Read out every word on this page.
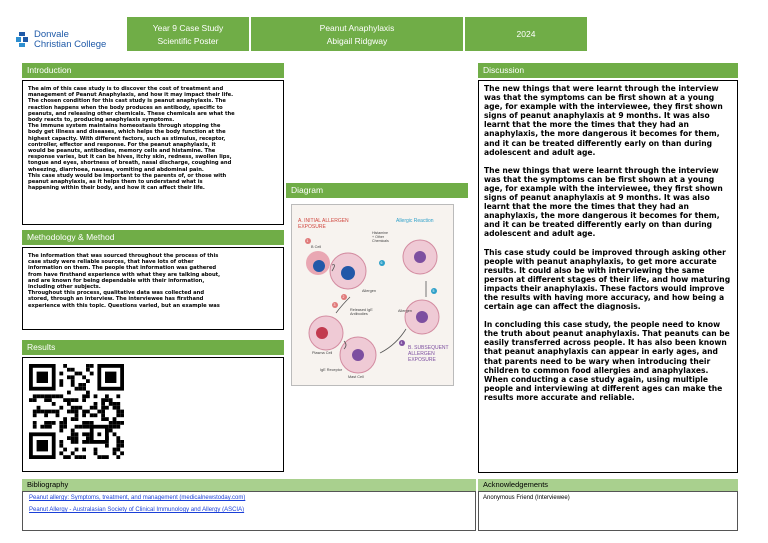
Donvale
Christian College
Year 9 Case Study
Scientific Poster
Peanut Anaphylaxis
Abigail Ridgway
2024
Introduction

The aim of this case study is to discover the cost of treatment and

management of Peanut Anaphylaxis, and how it may impact their life.

The chosen condition for this cast study is peanut anaphylaxis. The

reaction happens when the body produces an antibody, specific to

peanuts, and releasing other chemicals. These chemicals are what the

body reacts to, producing anaphylaxis symptoms.

The immune system maintains homeostasis through stopping the

body get illness and diseases, which helps the body function at the

highest capacity. With different factors, such as stimulus, receptor,

controller, effector and response. For the peanut anaphylaxis, it

would be peanuts, antibodies, memory cells and histamine. The

response varies, but it can be hives, itchy skin, redness, swollen lips,

tongue and eyes, shortness of breath, nasal discharge, coughing and

wheezing, diarrhoea, nausea, vomiting and abdominal pain.

This case study would be important to the parents of, or those with

peanut anaphylaxis, as it helps them to understand what is

happening within their body, and how it can affect their life.

Methodology & Method

The information that was sourced throughout the process of this

case study were reliable sources, that have lots of other

information on them. The people that information was gathered

from have firsthand experience with what they are talking about,

and are known for being dependable with their information,

including other subjects.

Throughout this process, qualitative data was collected and

stored, through an interview. The interviewee has firsthand

experience with this topic. Questions varied, but an example was

Results
Diagram
A. INITIAL ALLERGEN
EXPOSURE
Allergic Reaction
Histamine
+ Other
Chemicals
B Cell
Allergen
Released IgE
Antibodies
Allergen
Plasma Cell
IgE Receptor
Mast Cell
B. SUBSEQUENT
ALLERGEN
EXPOSURE
1
2
3
4
5
6
Discussion

The new things that were learnt through the interview was that the symptoms can be first shown at a young age, for example with the interviewee, they first shown signs of peanut anaphylaxis at 9 months. It was also learnt that the more the times that they had an anaphylaxis, the more dangerous it becomes for them, and it can be treated differently early on than during adolescent and adult age.

The new things that were learnt through the interview was that the symptoms can be first shown at a young age, for example with the interviewee, they first shown signs of peanut anaphylaxis at 9 months. It was also learnt that the more the times that they had an anaphylaxis, the more dangerous it becomes for them, and it can be treated differently early on than during adolescent and adult age.

This case study could be improved through asking other people with peanut anaphylaxis, to get more accurate results. It could also be with interviewing the same person at different stages of their life, and how maturing impacts their anaphylaxis. These factors would improve the results with having more accuracy, and how being a certain age can affect the diagnosis.

In concluding this case study, the people need to know the truth about peanut anaphylaxis. That peanuts can be easily transferred across people. It has also been known that peanut anaphylaxis can appear in early ages, and that parents need to be wary when introducing their children to common food allergies and anaphylaxes. When conducting a case study again, using multiple people and interviewing at different ages can make the results more accurate and reliable.

Bibliography
Peanut allergy: Symptoms, treatment, and management (medicalnewstoday.com)
Peanut Allergy - Australasian Society of Clinical Immunology and Allergy (ASCIA)
Acknowledgements
Anonymous Friend (Interviewee)
